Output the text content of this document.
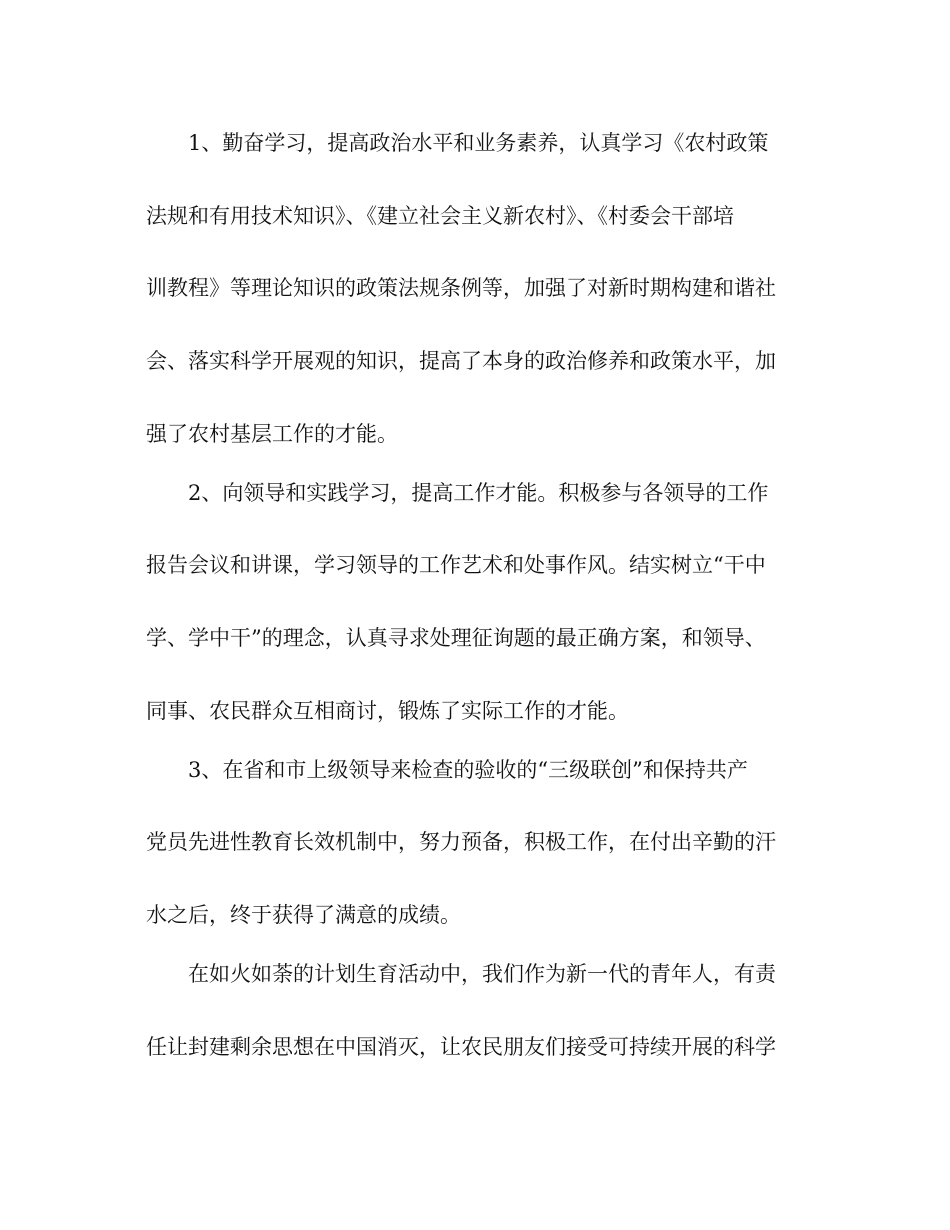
1、勤奋学习，提高政治水平和业务素养，认真学习《农村政策

法规和有用技术知识》、《建立社会主义新农村》、《村委会干部培

训教程》等理论知识的政策法规条例等，加强了对新时期构建和谐社

会、落实科学开展观的知识，提高了本身的政治修养和政策水平，加

强了农村基层工作的才能。

2、向领导和实践学习，提高工作才能。积极参与各领导的工作

报告会议和讲课，学习领导的工作艺术和处事作风。结实树立“干中

学、学中干”的理念，认真寻求处理征询题的最正确方案，和领导、

同事、农民群众互相商讨，锻炼了实际工作的才能。

3、在省和市上级领导来检查的验收的“三级联创”和保持共产

党员先进性教育长效机制中，努力预备，积极工作，在付出辛勤的汗

水之后，终于获得了满意的成绩。

在如火如荼的计划生育活动中，我们作为新一代的青年人，有责

任让封建剩余思想在中国消灭，让农民朋友们接受可持续开展的科学
